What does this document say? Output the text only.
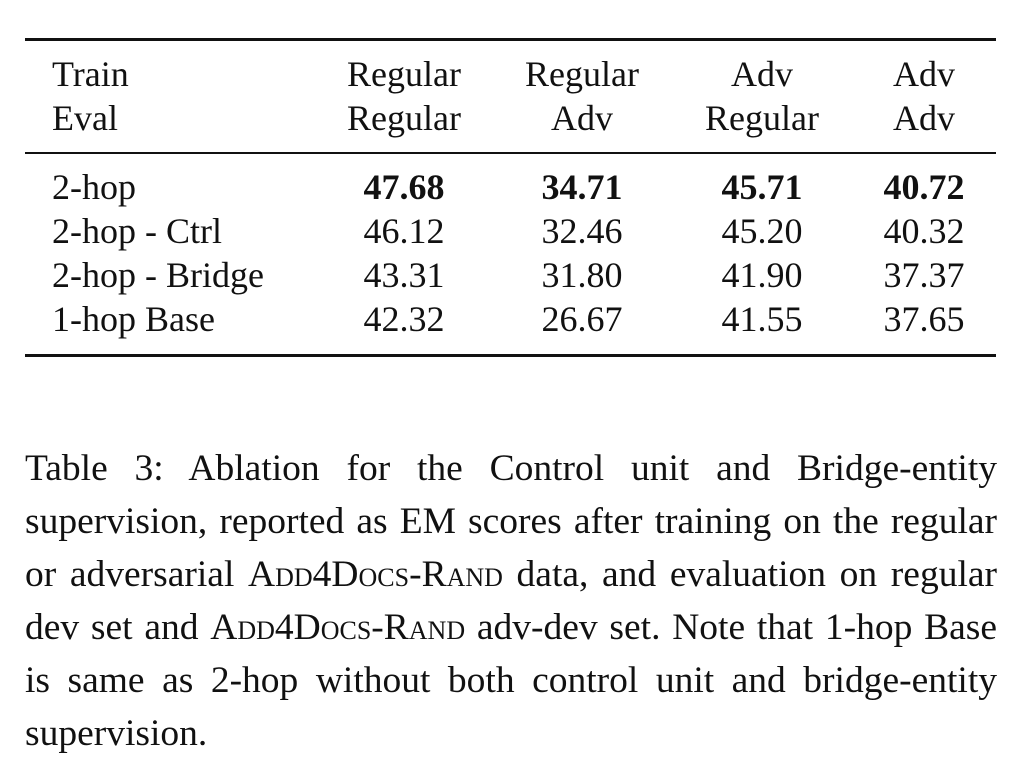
Train	Regular	Regular	Adv	Adv
Eval	Regular	Adv	Regular	Adv
2-hop	47.68	34.71	45.71	40.72
2-hop - Ctrl	46.12	32.46	45.20	40.32
2-hop - Bridge	43.31	31.80	41.90	37.37
1-hop Base	42.32	26.67	41.55	37.65

Table 3: Ablation for the Control unit and Bridge-entity supervision, reported as EM scores after training on the regular or adversarial Add4Docs-Rand data, and evaluation on regular dev set and Add4Docs-Rand adv-dev set. Note that 1-hop Base is same as 2-hop without both control unit and bridge-entity supervision.
